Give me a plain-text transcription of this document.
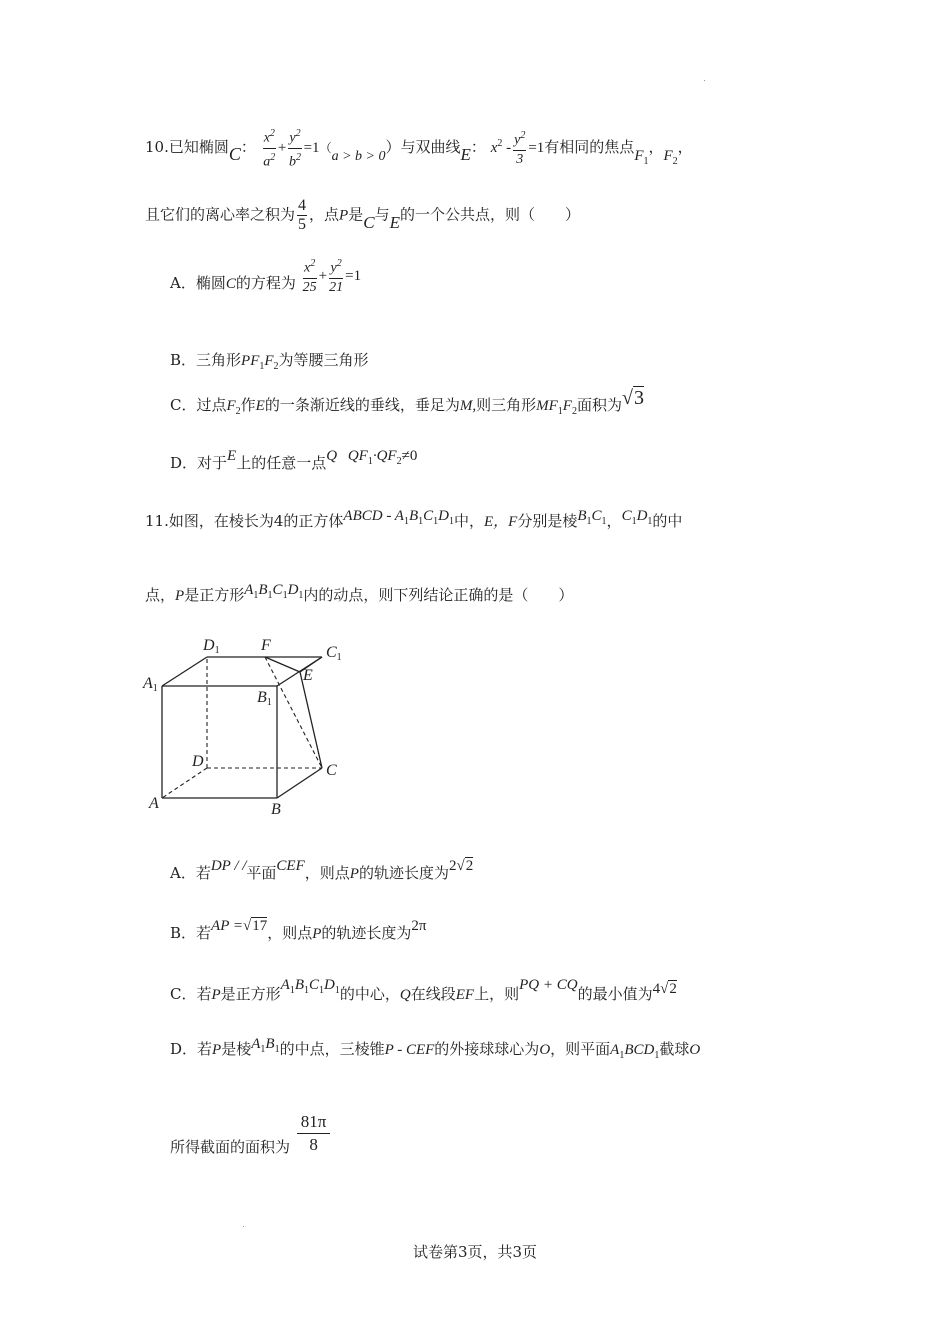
10.已知椭圆C： $\frac{x^2}{a^2} + \frac{y^2}{b^2} =1(a > b > 0)$与双曲线E： $x^2 - \frac{y^2}{3} =1$有相同的焦点$F_1$，$F_2$，
且它们的离心率之积为 $\frac{4}{5}$ ，点P是C与E的一个公共点，则（　　）
A．椭圆C的方程为 $\frac{x^2}{25} + \frac{y^2}{21} =1$
B．三角形$PF_1F_2$为等腰三角形
C．过点$F_2$作E的一条渐近线的垂线，垂足为M,则三角形$MF_1F_2$面积为√3
D．对于E上的任意一点Q $QF_1\cdot QF_2\ne 0$
11.如图，在棱长为4的正方体ABCD - $A_1B_1C_1D_1$中，E，F分别是棱$B_1C_1$，$C_1D_1$的中
点，P是正方形$A_1B_1C_1D_1$内的动点，则下列结论正确的是（　　）
D1	F	C1
E
A1
B1
D
C
A	B
A．若DP / /平面CEF，则点P的轨迹长度为2√2
B．若AP =√17，则点P的轨迹长度为2π
C．若P是正方形$A_1B_1C_1D_1$的中心，Q在线段EF上，则PQ + CQ的最小值为4√2
D．若P是棱$A_1B_1$的中点，三棱锥P - CEF的外接球球心为O，则平面$A_1BCD_1$截球O
所得截面的面积为 $\frac{81\pi}{8}$
试卷第3页，共3页
